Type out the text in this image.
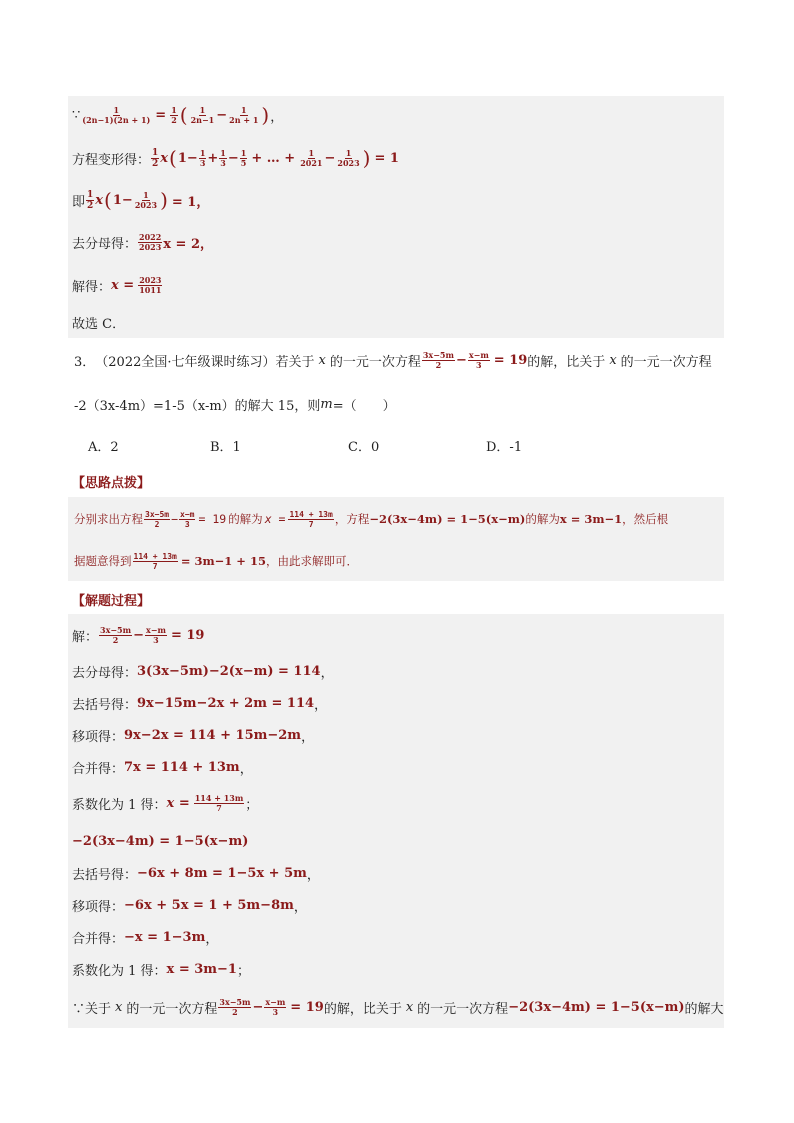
∵ $\frac{1}{(2n-1)(2n + 1)} = \frac{1}{2}$ ( $\frac{1}{2n-1} - \frac{1}{2n + 1}$ ) ，
方程变形得： $\frac{1}{2}$ x ( $1- \frac{1}{3} + \frac{1}{3} - \frac{1}{5}$ + … + $\frac{1}{2021} - \frac{1}{2023}$ ) = 1
即 $\frac{1}{2}$ x ( $1- \frac{1}{2023}$ ) = 1，
去分母得： $\frac{2022}{2023}$ x = 2，
解得： $x = \frac{2023}{1011}$
故选 C．
3． （2022全国·七年级课时练习）若关于 x 的一元一次方程 $\frac{3x-5m}{2} - \frac{x-m}{3} = 19$ 的解，比关于 x 的一元一次方程
-2（3x-4m）=1-5（x-m）的解大 15，则 m =（　　）
A．2	B．1	C．0	D．-1
【思路点拨】
分别求出方程 $\frac{3x-5m}{2} - \frac{x-m}{3} = 19$ 的解为 $x = \frac{114 + 13m}{7}$ ，方程 −2(3x−4m) = 1−5(x−m) 的解为 x = 3m−1 ，然后根
据题意得到 $\frac{114 + 13m}{7} = 3m-1 + 15$ ，由此求解即可．
【解题过程】
解： $\frac{3x-5m}{2} - \frac{x-m}{3} = 19$
去分母得： 3(3x−5m)−2(x−m) = 114 ，
去括号得： 9x−15m−2x + 2m = 114 ，
移项得： 9x−2x = 114 + 15m−2m ，
合并得： 7x = 114 + 13m ，
系数化为 1 得： $x = \frac{114 + 13m}{7}$ ；
−2(3x−4m) = 1−5(x−m)
去括号得： −6x + 8m = 1−5x + 5m ，
移项得： −6x + 5x = 1 + 5m−8m ，
合并得： −x = 1−3m ，
系数化为 1 得： x = 3m−1 ；
∵关于 x 的一元一次方程 $\frac{3x-5m}{2} - \frac{x-m}{3} = 19$ 的解，比关于 x 的一元一次方程 −2(3x−4m) = 1−5(x−m) 的解大
